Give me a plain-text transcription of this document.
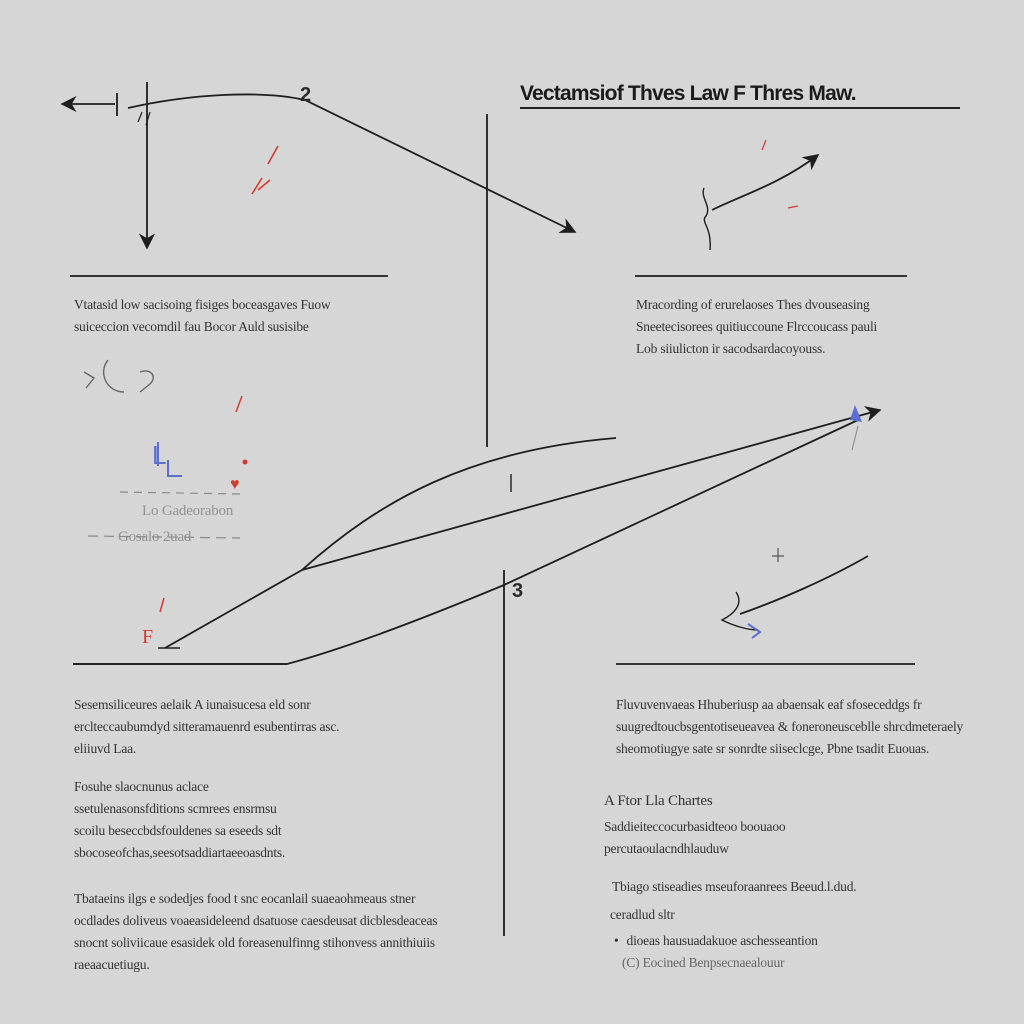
Vectamsiof Thves Law F Thres Maw.
2
L
♥
F
3
Vtatasid low sacisoing fisiges boceasgaves Fuow
suiceccion vecomdil fau Bocor Auld susisibe
Mracording of erurelaoses Thes dvouseasing
Sneetecisorees quitiuccoune Flrccoucass pauli
Lob siiulicton ir sacodsardacoyouss.
Lo Gadeorabon
Gosalo 2uad
Sesemsiliceures aelaik A iunaisucesa eld sonr
erclteccaubumdyd sitteramauenrd esubentirras asc.
eliiuvd Laa.
Fosuhe slaocnunus aclace
ssetulenasonsfditions scmrees ensrmsu
scoilu beseccbdsfouldenes sa eseeds sdt
sbocoseofchas,seesotsaddiartaeeoasdnts.
Tbataeins ilgs e sodedjes food t snc eocanlail suaeaohmeaus stner
ocdlades doliveus voaeasideleend dsatuose caesdeusat dicblesdeaceas
snocnt soliviicaue esasidek old foreasenulfinng stihonvess annithiuiis
raeaacuetiugu.
Fluvuvenvaeas Hhuberiusp aa abaensak eaf sfoseceddgs fr
suugredtoucbsgentotiseueavea & foneroneusceblle shrcdmeteraely
sheomotiugye sate sr sonrdte siiseclcge, Pbne tsadit Euouas.
A Ftor Lla Chartes
Saddieiteccocurbasidteoo boouaoo
percutaoulacndhlauduw
Tbiago stiseadies mseuforaanrees Beeud.l.dud.
ceradlud sltr
• dioeas hausuadakuoe aschesseantion
(C) Eocined Benpsecnaealouur
